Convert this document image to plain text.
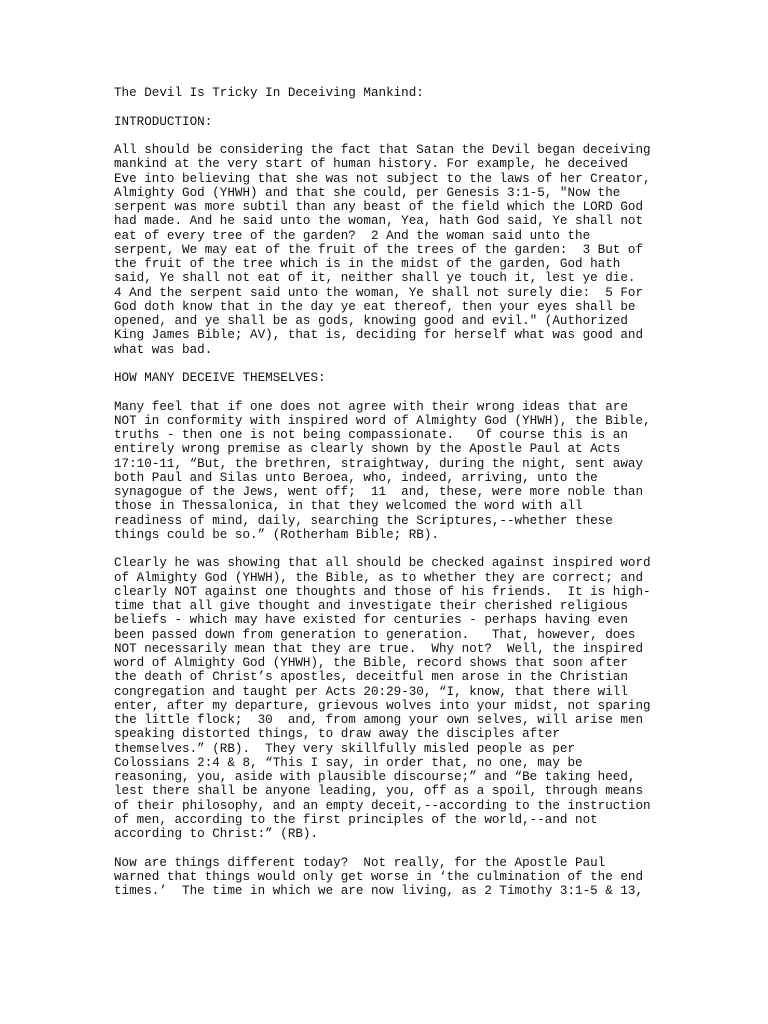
The Devil Is Tricky In Deceiving Mankind:

INTRODUCTION:

All should be considering the fact that Satan the Devil began deceiving
mankind at the very start of human history. For example, he deceived
Eve into believing that she was not subject to the laws of her Creator,
Almighty God (YHWH) and that she could, per Genesis 3:1-5, "Now the
serpent was more subtil than any beast of the field which the LORD God
had made. And he said unto the woman, Yea, hath God said, Ye shall not
eat of every tree of the garden?  2 And the woman said unto the
serpent, We may eat of the fruit of the trees of the garden:  3 But of
the fruit of the tree which is in the midst of the garden, God hath
said, Ye shall not eat of it, neither shall ye touch it, lest ye die.
4 And the serpent said unto the woman, Ye shall not surely die:  5 For
God doth know that in the day ye eat thereof, then your eyes shall be
opened, and ye shall be as gods, knowing good and evil." (Authorized
King James Bible; AV), that is, deciding for herself what was good and
what was bad.

HOW MANY DECEIVE THEMSELVES:

Many feel that if one does not agree with their wrong ideas that are
NOT in conformity with inspired word of Almighty God (YHWH), the Bible,
truths - then one is not being compassionate.   Of course this is an
entirely wrong premise as clearly shown by the Apostle Paul at Acts
17:10-11, “But, the brethren, straightway, during the night, sent away
both Paul and Silas unto Beroea, who, indeed, arriving, unto the
synagogue of the Jews, went off;  11  and, these, were more noble than
those in Thessalonica, in that they welcomed the word with all
readiness of mind, daily, searching the Scriptures,--whether these
things could be so.” (Rotherham Bible; RB).

Clearly he was showing that all should be checked against inspired word
of Almighty God (YHWH), the Bible, as to whether they are correct; and
clearly NOT against one thoughts and those of his friends.  It is high-
time that all give thought and investigate their cherished religious
beliefs - which may have existed for centuries - perhaps having even
been passed down from generation to generation.   That, however, does
NOT necessarily mean that they are true.  Why not?  Well, the inspired
word of Almighty God (YHWH), the Bible, record shows that soon after
the death of Christ’s apostles, deceitful men arose in the Christian
congregation and taught per Acts 20:29-30, “I, know, that there will
enter, after my departure, grievous wolves into your midst, not sparing
the little flock;  30  and, from among your own selves, will arise men
speaking distorted things, to draw away the disciples after
themselves.” (RB).  They very skillfully misled people as per
Colossians 2:4 & 8, “This I say, in order that, no one, may be
reasoning, you, aside with plausible discourse;” and “Be taking heed,
lest there shall be anyone leading, you, off as a spoil, through means
of their philosophy, and an empty deceit,--according to the instruction
of men, according to the first principles of the world,--and not
according to Christ:” (RB).

Now are things different today?  Not really, for the Apostle Paul
warned that things would only get worse in ‘the culmination of the end
times.’  The time in which we are now living, as 2 Timothy 3:1-5 & 13,
